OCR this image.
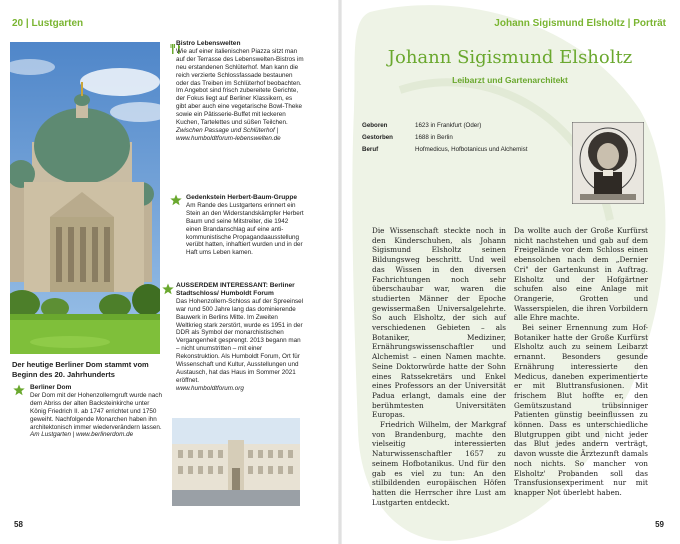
20 | Lustgarten
Der heutige Berliner Dom stammt vom Beginn des 20. Jahrhunderts
Bistro Lebenswelten
Wie auf einer italienischen Piazza sitzt man auf der Terrasse des Lebenswelten-Bistros im neu erstandenen Schlüterhof. Man kann die reich verzierte Schlossfassade bestaunen oder das Treiben im Schlüterhof beobachten. Im Angebot sind frisch zubereitete Gerichte, der Fokus liegt auf Berliner Klassikern, es gibt aber auch eine vegetarische Bowl-Theke sowie ein Pâtisserie-Buffet mit leckeren Kuchen, Tartelettes und süßen Teilchen.
Zwischen Passage und Schlüterhof | www.humboldtforum-lebenswelten.de
Gedenkstein Herbert-Baum-Gruppe
Am Rande des Lustgartens erinnert ein Stein an den Widerstandskämpfer Herbert Baum und seine Mitstreiter, die 1942 einen Brandanschlag auf eine anti-kommunistische Propagandaausstellung verübt hatten, inhaftiert wurden und in der Haft ums Leben kamen.
AUSSERDEM INTERESSANT: Berliner Stadtschloss/ Humboldt Forum
Das Hohenzollern-Schloss auf der Spreeinsel war rund 500 Jahre lang das dominierende Bauwerk in Berlins Mitte. Im Zweiten Weltkrieg stark zerstört, wurde es 1951 in der DDR als Symbol der monarchistischen Vergangenheit gesprengt. 2013 begann man – nicht unumstritten – mit einer Rekonstruktion. Als Humboldt Forum, Ort für Wissenschaft und Kultur, Ausstellungen und Austausch, hat das Haus im Sommer 2021 eröffnet.
www.humboldtforum.org
Berliner Dom
Der Dom mit der Hohenzollerngruft wurde nach dem Abriss der alten Backsteinkirche unter König Friedrich II. ab 1747 errichtet und 1750 geweiht. Nachfolgende Monarchen haben ihn architektonisch immer wiederverändern lassen.
Am Lustgarten | www.berlinerdom.de
58
Johann Sigismund Elsholtz | Porträt
Johann Sigismund Elsholtz
Leibarzt und Gartenarchitekt
Geboren	1623 in Frankfurt (Oder)
Gestorben	1688 in Berlin
Beruf	Hofmedicus, Hofbotanicus und Alchemist

Die Wissenschaft steckte noch in den Kinderschuhen, als Johann Sigismund Elsholtz seinen Bildungsweg beschritt. Und weil das Wissen in den diversen Fachrichtungen noch sehr überschaubar war, waren die studierten Männer der Epoche gewissermaßen Universalgelehrte. So auch Elsholtz, der sich auf verschiedenen Gebieten – als Botaniker, Mediziner, Ernährungswissenschaftler und Alchemist – einen Namen machte. Seine Doktorwürde hatte der Sohn eines Ratssekretärs und Enkel eines Professors an der Universität Padua erlangt, damals eine der berühmtesten Universitäten Europas.

Friedrich Wilhelm, der Markgraf von Brandenburg, machte den vielseitig interessierten Naturwissenschaftler 1657 zu seinem Hofbotanikus. Und für den gab es viel zu tun: An den stilbildenden europäischen Höfen hatten die Herrscher ihre Lust am Lustgarten entdeckt.

Da wollte auch der Große Kurfürst nicht nachstehen und gab auf dem Freigelände vor dem Schloss einen ebensolchen nach dem „Dernier Cri" der Gartenkunst in Auftrag. Elsholtz und der Hofgärtner schufen also eine Anlage mit Orangerie, Grotten und Wasserspielen, die ihren Vorbildern alle Ehre machte.

Bei seiner Ernennung zum Hof-Botaniker hatte der Große Kurfürst Elsholtz auch zu seinem Leibarzt ernannt. Besonders gesunde Ernährung interessierte den Medicus, daneben experimentierte er mit Bluttransfusionen. Mit frischem Blut hoffte er, den Gemütszustand trübsinniger Patienten günstig beeinflussen zu können. Dass es unterschiedliche Blutgruppen gibt und nicht jeder das Blut jedes andern verträgt, davon wusste die Ärztezunft damals noch nichts. So mancher von Elsholtz' Probanden soll das Transfusionsexperiment nur mit knapper Not überlebt haben.

59
